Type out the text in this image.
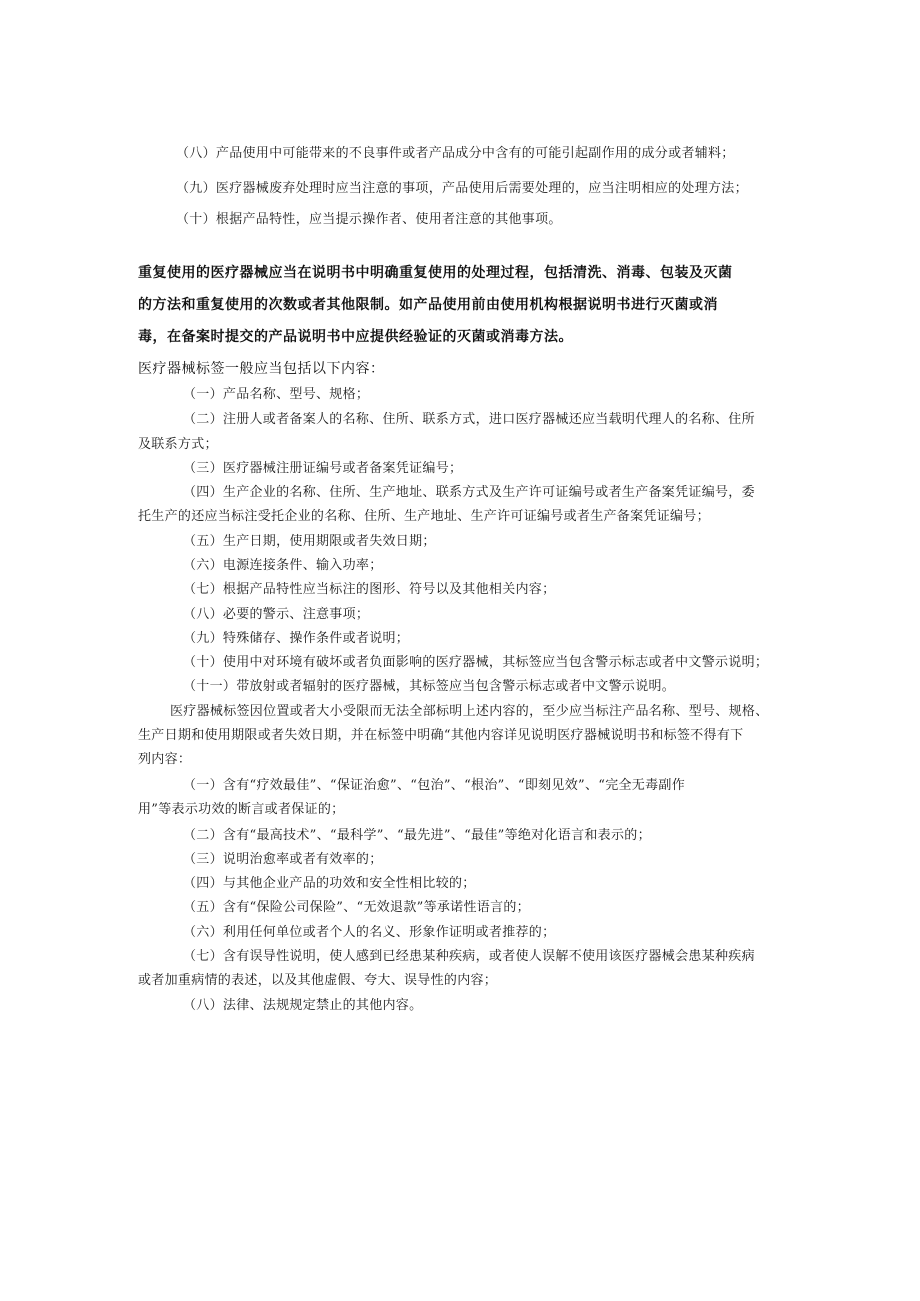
（八）产品使用中可能带来的不良事件或者产品成分中含有的可能引起副作用的成分或者辅料；
（九）医疗器械废弃处理时应当注意的事项，产品使用后需要处理的，应当注明相应的处理方法；
（十）根据产品特性，应当提示操作者、使用者注意的其他事项。
重复使用的医疗器械应当在说明书中明确重复使用的处理过程，包括清洗、消毒、包装及灭菌
的方法和重复使用的次数或者其他限制。如产品使用前由使用机构根据说明书进行灭菌或消
毒，在备案时提交的产品说明书中应提供经验证的灭菌或消毒方法。
医疗器械标签一般应当包括以下内容：
（一）产品名称、型号、规格；
（二）注册人或者备案人的名称、住所、联系方式，进口医疗器械还应当载明代理人的名称、住所
及联系方式；
（三）医疗器械注册证编号或者备案凭证编号；
（四）生产企业的名称、住所、生产地址、联系方式及生产许可证编号或者生产备案凭证编号，委
托生产的还应当标注受托企业的名称、住所、生产地址、生产许可证编号或者生产备案凭证编号；
（五）生产日期，使用期限或者失效日期；
（六）电源连接条件、输入功率；
（七）根据产品特性应当标注的图形、符号以及其他相关内容；
（八）必要的警示、注意事项；
（九）特殊储存、操作条件或者说明；
（十）使用中对环境有破坏或者负面影响的医疗器械，其标签应当包含警示标志或者中文警示说明；
（十一）带放射或者辐射的医疗器械，其标签应当包含警示标志或者中文警示说明。
医疗器械标签因位置或者大小受限而无法全部标明上述内容的，至少应当标注产品名称、型号、规格、
生产日期和使用期限或者失效日期，并在标签中明确“其他内容详见说明医疗器械说明书和标签不得有下
列内容：
（一）含有“疗效最佳”、“保证治愈”、“包治”、“根治”、“即刻见效”、“完全无毒副作
用”等表示功效的断言或者保证的；
（二）含有“最高技术”、“最科学”、“最先进”、“最佳”等绝对化语言和表示的；
（三）说明治愈率或者有效率的；
（四）与其他企业产品的功效和安全性相比较的；
（五）含有“保险公司保险”、“无效退款”等承诺性语言的；
（六）利用任何单位或者个人的名义、形象作证明或者推荐的；
（七）含有误导性说明，使人感到已经患某种疾病，或者使人误解不使用该医疗器械会患某种疾病
或者加重病情的表述，以及其他虚假、夸大、误导性的内容；
（八）法律、法规规定禁止的其他内容。
